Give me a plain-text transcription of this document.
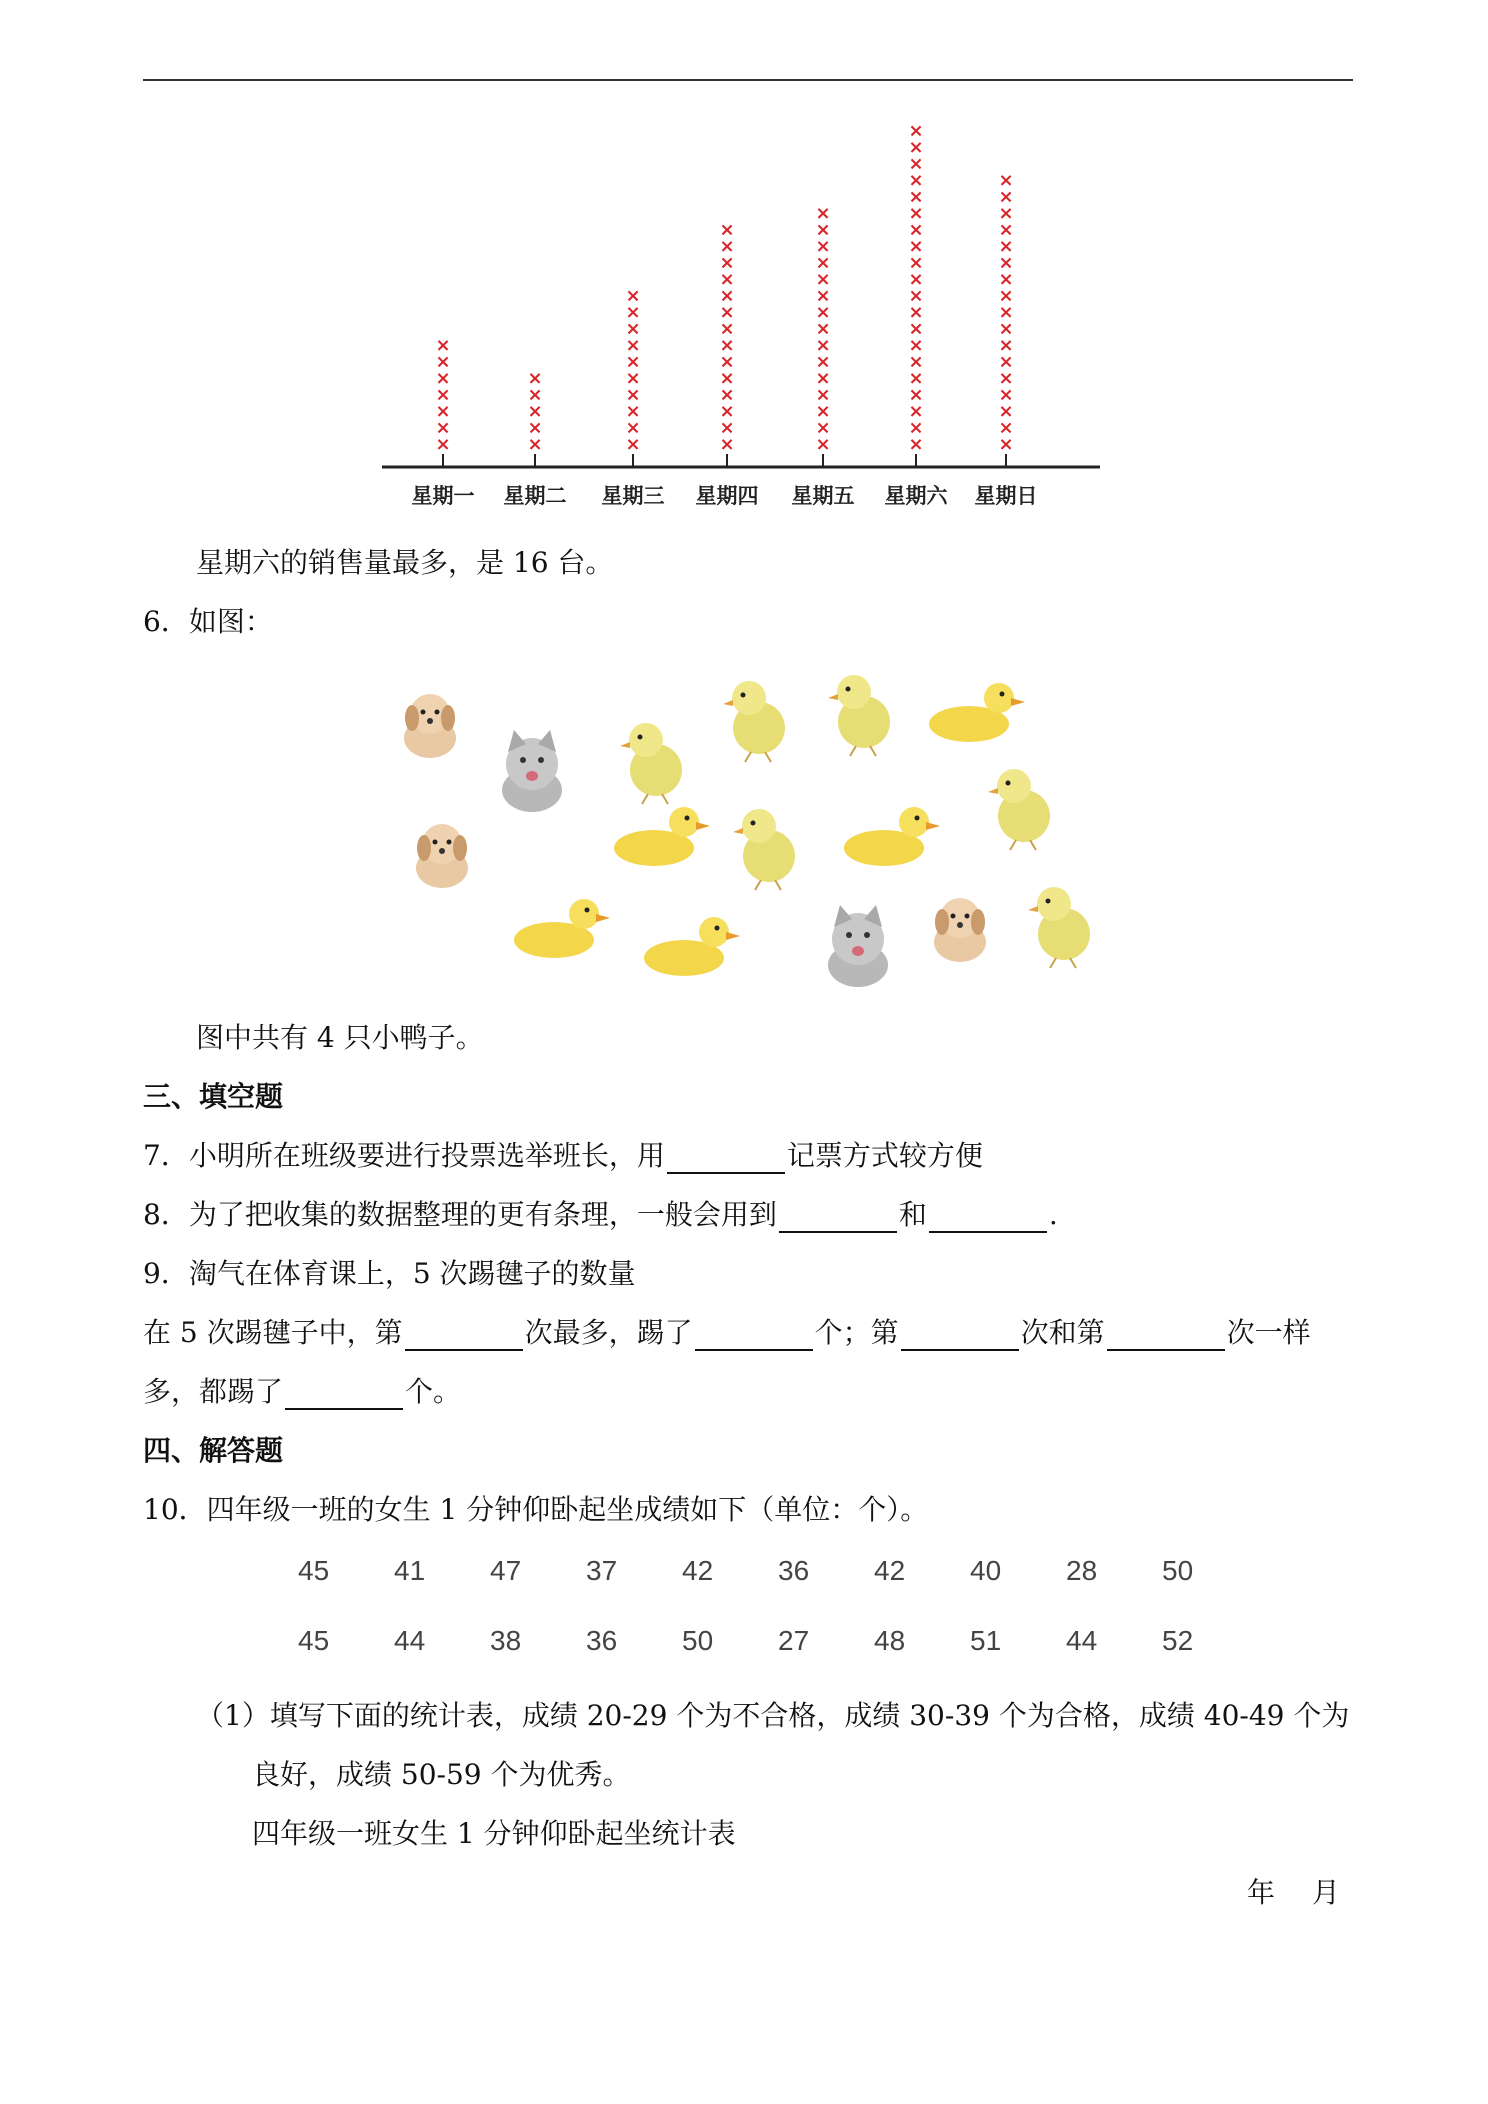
×
×
×
×
×
×
×
星期一
×
×
×
×
×
星期二
×
×
×
×
×
×
×
×
×
×
星期三
×
×
×
×
×
×
×
×
×
×
×
×
×
×
星期四
×
×
×
×
×
×
×
×
×
×
×
×
×
×
×
星期五
×
×
×
×
×
×
×
×
×
×
×
×
×
×
×
×
×
×
×
×
星期六
×
×
×
×
×
×
×
×
×
×
×
×
×
×
×
×
×
星期日
星期六的销售量最多，是 16 台。
6．如图：
图中共有 4 只小鸭子。
三、填空题
7．小明所在班级要进行投票选举班长，用	记票方式较方便
8．为了把收集的数据整理的更有条理，一般会用到	和	.
9．淘气在体育课上，5 次踢毽子的数量
在 5 次踢毽子中，第	次最多，踢了	个；第	次和第	次一样
多，都踢了	个。
四、解答题
10．四年级一班的女生 1 分钟仰卧起坐成绩如下（单位：个）。
45 41 47 37 42 36 42 40 28 50
45 44 38 36 50 27 48 51 44 52
（1）填写下面的统计表，成绩 20-29 个为不合格，成绩 30-39 个为合格，成绩 40-49 个为
良好，成绩 50-59 个为优秀。
四年级一班女生 1 分钟仰卧起坐统计表
年　 月
